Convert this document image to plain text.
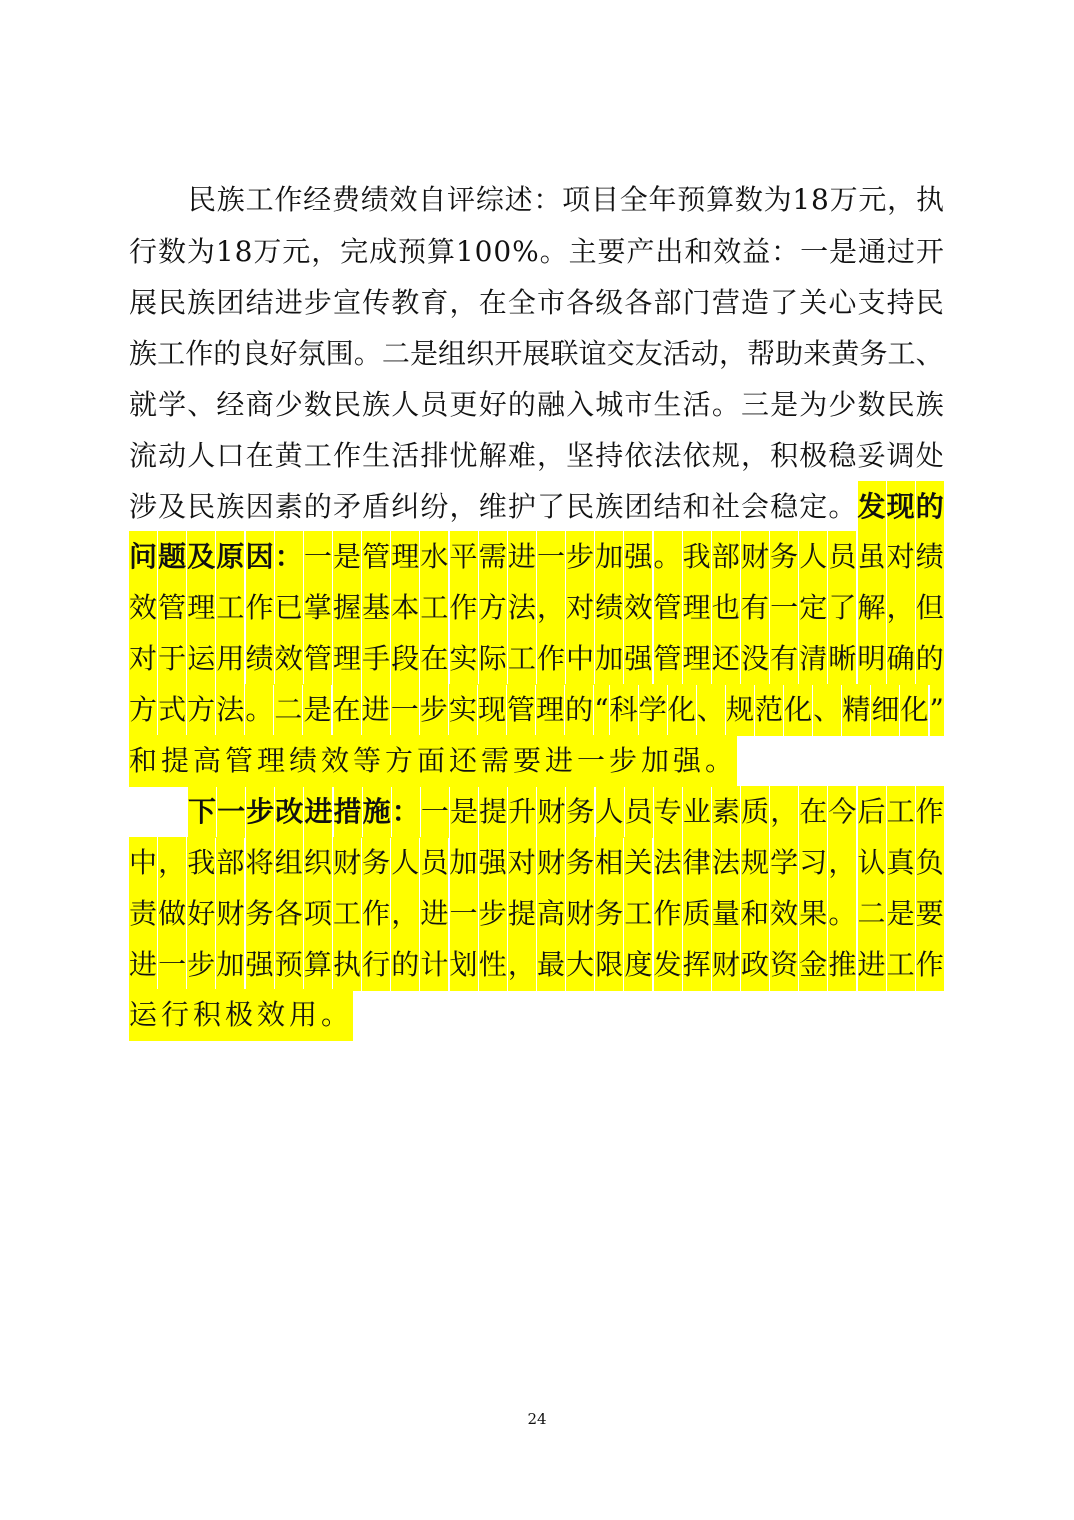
民 族 工 作 经 费 绩 效 自 评 综 述 ： 项 目 全 年 预 算 数 为 1 8 万 元 ， 执
行 数 为 1 8 万 元 ， 完 成 预 算 1 0 0 % 。 主 要 产 出 和 效 益 ： 一 是 通 过 开
展 民 族 团 结 进 步 宣 传 教 育 ， 在 全 市 各 级 各 部 门 营 造 了 关 心 支 持 民
族 工 作 的 良 好 氛 围 。 二 是 组 织 开 展 联 谊 交 友 活 动 ， 帮 助 来 黄 务 工 、
就 学 、 经 商 少 数 民 族 人 员 更 好 的 融 入 城 市 生 活 。 三 是 为 少 数 民 族
流 动 人 口 在 黄 工 作 生 活 排 忧 解 难 ， 坚 持 依 法 依 规 ， 积 极 稳 妥 调 处
涉 及 民 族 因 素 的 矛 盾 纠 纷 ， 维 护 了 民 族 团 结 和 社 会 稳 定 。 发 现 的
问 题 及 原 因 ： 一 是 管 理 水 平 需 进 一 步 加 强 。 我 部 财 务 人 员 虽 对 绩
效 管 理 工 作 已 掌 握 基 本 工 作 方 法 ， 对 绩 效 管 理 也 有 一 定 了 解 ， 但
对 于 运 用 绩 效 管 理 手 段 在 实 际 工 作 中 加 强 管 理 还 没 有 清 晰 明 确 的
方 式 方 法 。 二 是 在 进 一 步 实 现 管 理 的 “ 科 学 化 、 规 范 化 、 精 细 化 ”
和提高管理绩效等方面还需要进一步加强。
下 一 步 改 进 措 施 ： 一 是 提 升 财 务 人 员 专 业 素 质 ， 在 今 后 工 作
中 ， 我 部 将 组 织 财 务 人 员 加 强 对 财 务 相 关 法 律 法 规 学 习 ， 认 真 负
责 做 好 财 务 各 项 工 作 ， 进 一 步 提 高 财 务 工 作 质 量 和 效 果 。 二 是 要
进 一 步 加 强 预 算 执 行 的 计 划 性 ， 最 大 限 度 发 挥 财 政 资 金 推 进 工 作
运行积极效用。
24
